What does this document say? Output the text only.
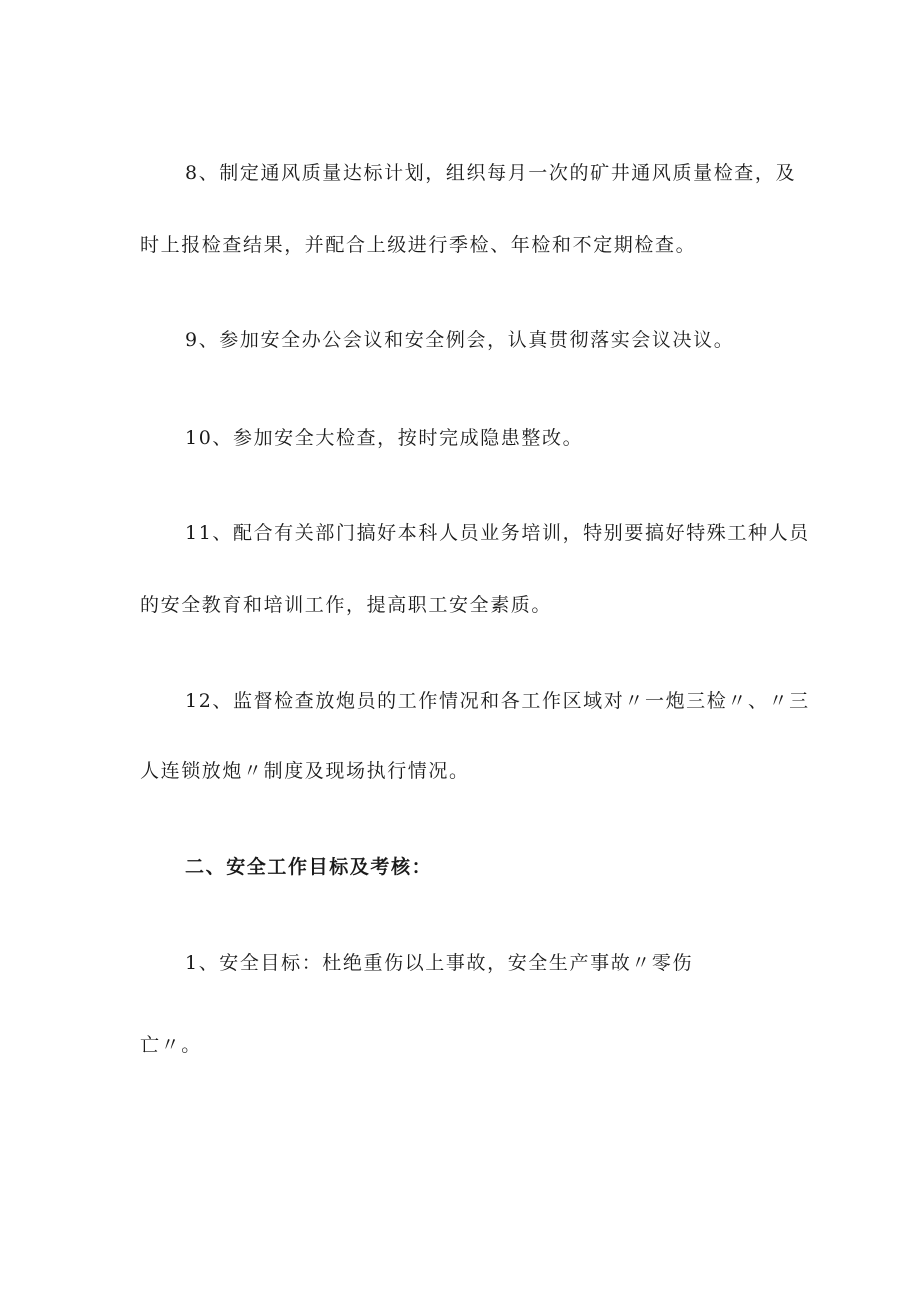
8、制定通风质量达标计划，组织每月一次的矿井通风质量检查，及

时上报检查结果，并配合上级进行季检、年检和不定期检查。

9、参加安全办公会议和安全例会，认真贯彻落实会议决议。

10、参加安全大检查，按时完成隐患整改。

11、配合有关部门搞好本科人员业务培训，特别要搞好特殊工种人员

的安全教育和培训工作，提高职工安全素质。

12、监督检查放炮员的工作情况和各工作区域对〃一炮三检〃、〃三

人连锁放炮〃制度及现场执行情况。

二、安全工作目标及考核：

1、安全目标：杜绝重伤以上事故，安全生产事故〃零伤

亡〃。
